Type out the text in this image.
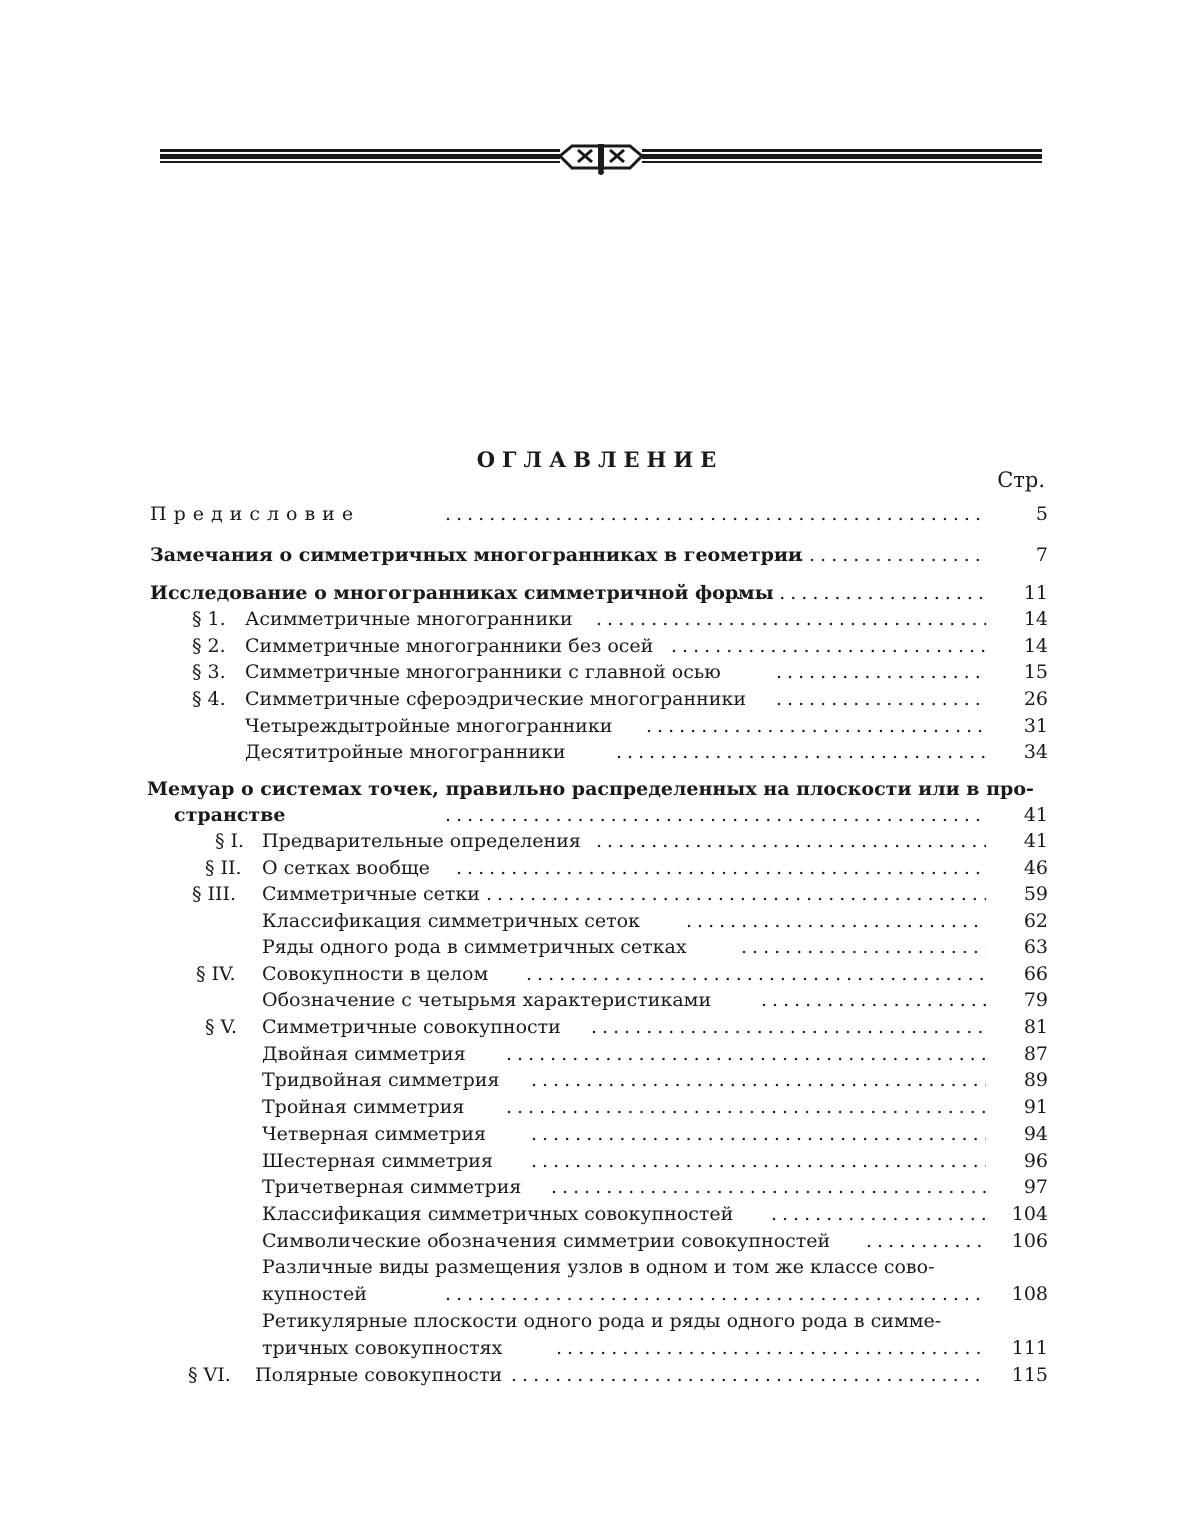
ОГЛАВЛЕНИЕ
Стр.
Предисловие	.................................................	5
Замечания о симметричных многогранниках в геометрии
...................	7
Исследование о многогранниках симметричной формы
........................	11
§ 1. Асимметричные многогранники ....................................	14
§ 2. Симметричные многогранники без осей ............................	14
§ 3. Симметричные многогранники с главной осью	...................	15
§ 4. Симметричные сфероэдрические многогранники ...................	26
Четыреждытройные многогранники ..............................	31
Десятитройные многогранники	.................................	34
Мемуар о системах точек, правильно распределенных на плоскости или в про-
странстве	.................................................	41
§ I. Предварительные определения ....................................	41
§ II. О сетках вообще .................................................	46
§ III. Симметричные сетки .................................................
59
Классификация симметричных сеток ...........................	62
Ряды одного рода в симметричных сетках	........................ 63
§ IV. Совокупности в целом ..........................................	66
Обозначение с четырьмя характеристиками	....................	79
§ V. Симметричные совокупности ....................................	81
Двойная симметрия ...........................................	87
Тридвойная симметрия .........................................	89
Тройная симметрия ...........................................	91
Четверная симметрия .........................................	94
Шестерная симметрия .........................................	96
Тричетверная симметрия .......................................	97
Классификация симметричных совокупностей ...................	104
Символические обозначения симметрии совокупностей ............ 106
Различные виды размещения узлов в одном и том же классе сово-
купностей	.................................................	108
Ретикулярные плоскости одного рода и ряды одного рода в симме-
тричных совокупностях	.......................................	111
§ VI. Полярные совокупности ...........................................	115
